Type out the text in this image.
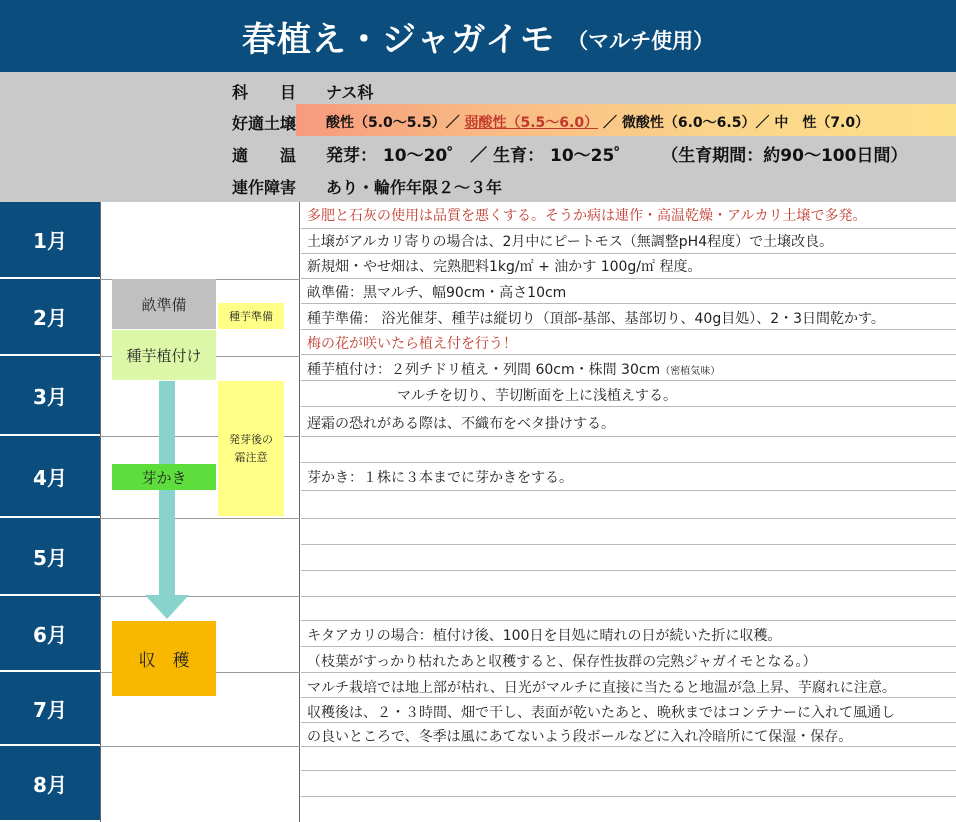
春植え・ジャガイモ （マルチ使用）
科　　目 ナス科
好適土壌 酸性（5.0〜5.5）／ 弱酸性（5.5〜6.0） ／ 微酸性（6.0〜6.5）／ 中　性（7.0）
適　　温 発芽： 10〜20゜ ／ 生育： 10〜25゜ （生育期間：約90〜100日間）
連作障害 あり・輪作年限２〜３年
1月
2月
3月
4月
5月
6月
7月
8月
畝準備
種芋準備
種芋植付け
発芽後の
霜注意
芽かき
収　穫
多肥と石灰の使用は品質を悪くする。そうか病は連作・高温乾燥・アルカリ土壌で多発。
土壌がアルカリ寄りの場合は、2月中にピートモス（無調整pH4程度）で土壌改良。
新規畑・やせ畑は、完熟肥料1kg/㎡ + 油かす 100g/㎡ 程度。
畝準備：黒マルチ、幅90cm・高さ10cm
種芋準備： 浴光催芽、種芋は縦切り（頂部-基部、基部切り、40g目処）、2・3日間乾かす。
梅の花が咲いたら植え付を行う！
種芋植付け：２列チドリ植え・列間 60cm・株間 30cm（密植気味）
マルチを切り、芋切断面を上に浅植えする。
遅霜の恐れがある際は、不織布をベタ掛けする。
芽かき：１株に３本までに芽かきをする。
キタアカリの場合：植付け後、100日を目処に晴れの日が続いた折に収穫。
（枝葉がすっかり枯れたあと収穫すると、保存性抜群の完熟ジャガイモとなる。）
マルチ栽培では地上部が枯れ、日光がマルチに直接に当たると地温が急上昇、芋腐れに注意。
収穫後は、２・３時間、畑で干し、表面が乾いたあと、晩秋まではコンテナーに入れて風通し
の良いところで、冬季は風にあてないよう段ボールなどに入れ冷暗所にて保湿・保存。
